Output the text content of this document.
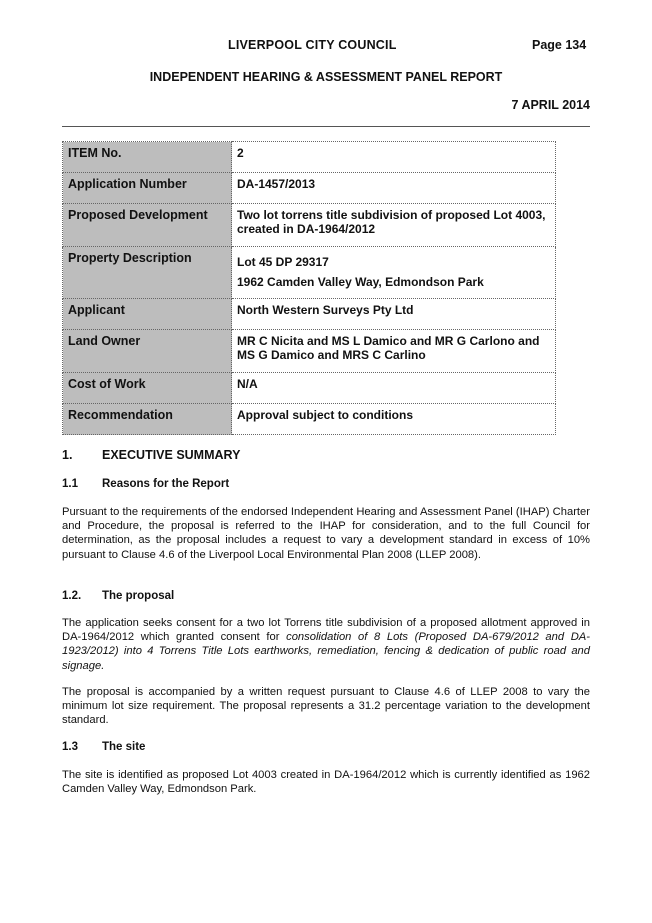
LIVERPOOL CITY COUNCIL	Page 134
INDEPENDENT HEARING & ASSESSMENT PANEL REPORT
7 APRIL 2014
ITEM No.	2

Application Number	DA-1457/2013

Proposed Development	Two lot torrens title subdivision of proposed Lot 4003, created in DA-1964/2012

Property Description	Lot 45 DP 29317
1962 Camden Valley Way, Edmondson Park

Applicant	North Western Surveys Pty Ltd

Land Owner	MR C Nicita and MS L Damico and MR G Carlono and MS G Damico and MRS C Carlino

Cost of Work	N/A

Recommendation	Approval subject to conditions
1. EXECUTIVE SUMMARY
1.1 Reasons for the Report

Pursuant to the requirements of the endorsed Independent Hearing and Assessment Panel (IHAP) Charter and Procedure, the proposal is referred to the IHAP for consideration, and to the full Council for determination, as the proposal includes a request to vary a development standard in excess of 10% pursuant to Clause 4.6 of the Liverpool Local Environmental Plan 2008 (LLEP 2008).

1.2. The proposal

The application seeks consent for a two lot Torrens title subdivision of a proposed allotment approved in DA-1964/2012 which granted consent for consolidation of 8 Lots (Proposed DA-679/2012 and DA-1923/2012) into 4 Torrens Title Lots earthworks, remediation, fencing & dedication of public road and signage.

The proposal is accompanied by a written request pursuant to Clause 4.6 of LLEP 2008 to vary the minimum lot size requirement. The proposal represents a 31.2 percentage variation to the development standard.

1.3 The site

The site is identified as proposed Lot 4003 created in DA-1964/2012 which is currently identified as 1962 Camden Valley Way, Edmondson Park.
